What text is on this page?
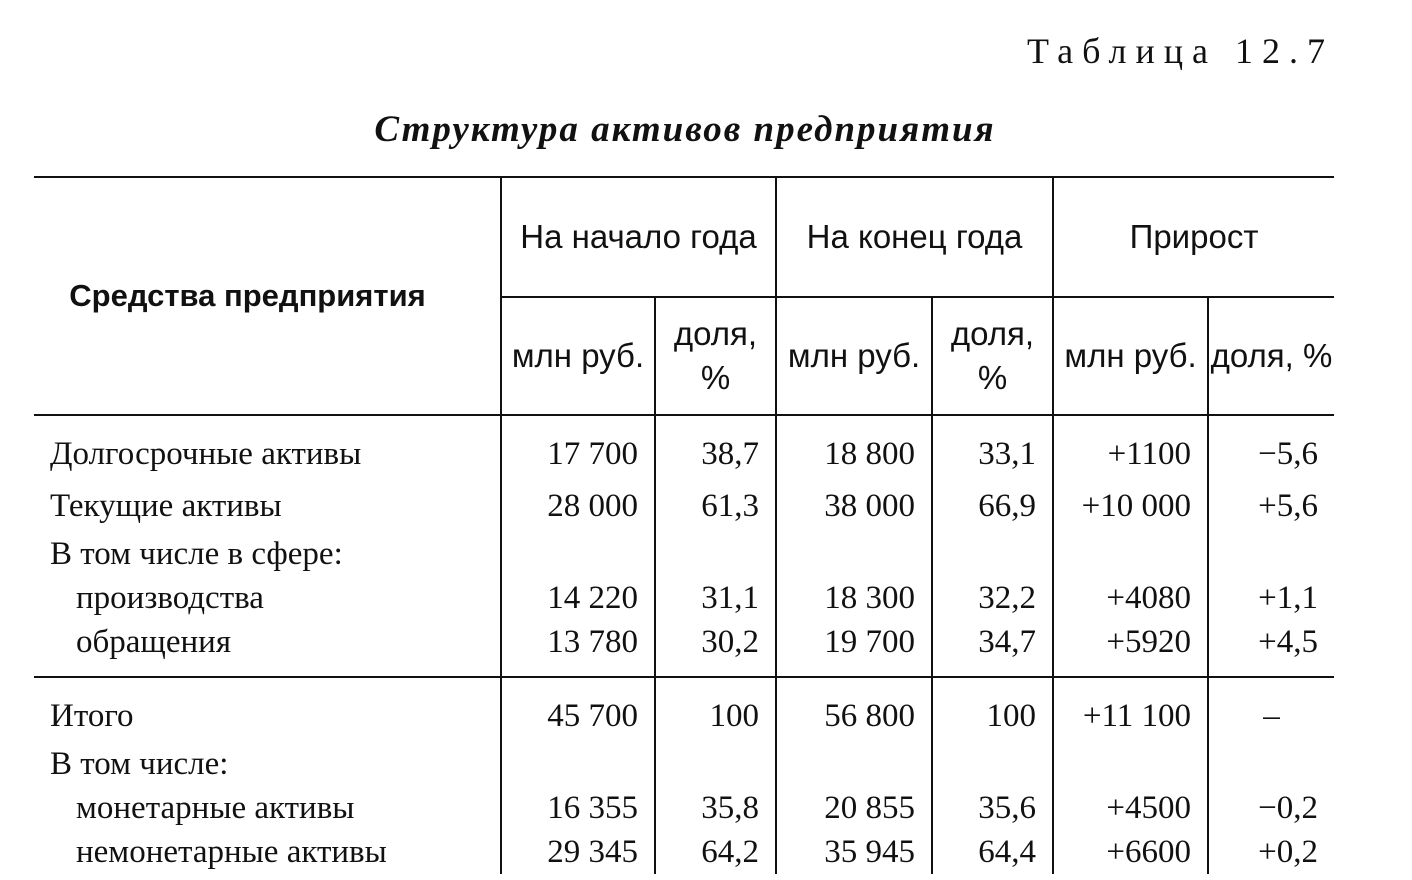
Таблица 12.7
Структура активов предприятия
Средства предприятия	На начало года		На конец года		Прирост	
	млн руб.	доля, %	млн руб.	доля, %	млн руб.	доля, %
Долгосрочные активы	17 700	38,7	18 800	33,1	+1100	−5,6
Текущие активы	28 000	61,3	38 000	66,9	+10 000	+5,6
В том числе в сфере:						
производства	14 220	31,1	18 300	32,2	+4080	+1,1
обращения	13 780	30,2	19 700	34,7	+5920	+4,5

Итого	45 700	100	56 800	100	+11 100	–
В том числе:						
монетарные активы	16 355	35,8	20 855	35,6	+4500	−0,2
немонетарные активы	29 345	64,2	35 945	64,4	+6600	+0,2
